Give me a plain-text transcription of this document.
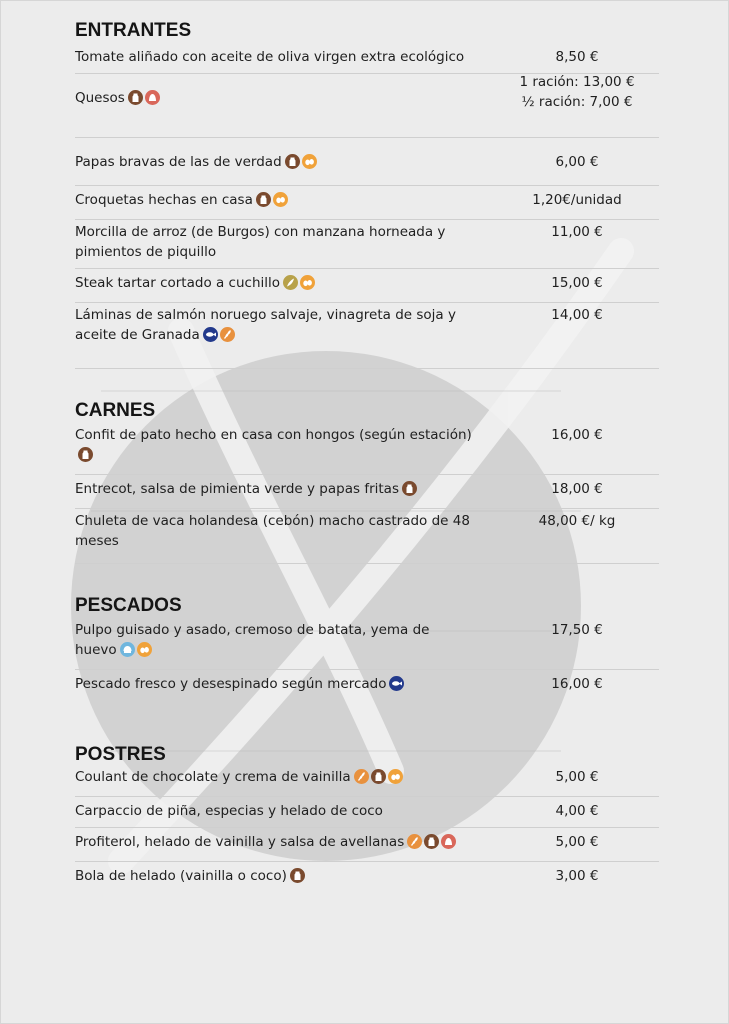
ENTRANTES
Tomate aliñado con aceite de oliva virgen extra ecológico	8,50 €
Quesos
1 ración: 13,00 €
½ ración: 7,00 €
Papas bravas de las de verdad	6,00 €
Croquetas hechas en casa	1,20€/unidad
Morcilla de arroz (de Burgos) con manzana horneada y pimientos de piquillo
11,00 €
Steak tartar cortado a cuchillo	15,00 €
Láminas de salmón noruego salvaje, vinagreta de soja y aceite de Granada
14,00 €
CARNES
Confit de pato hecho en casa con hongos (según estación)	16,00 €
Entrecot, salsa de pimienta verde y papas fritas	18,00 €
Chuleta de vaca holandesa (cebón) macho castrado de 48 meses
48,00 €/ kg
PESCADOS
Pulpo guisado y asado, cremoso de batata, yema de huevo
17,50 €
Pescado fresco y desespinado según mercado	16,00 €
POSTRES
Coulant de chocolate y crema de vainilla	5,00 €
Carpaccio de piña, especias y helado de coco	4,00 €
Profiterol, helado de vainilla y salsa de avellanas	5,00 €
Bola de helado (vainilla o coco)	3,00 €
